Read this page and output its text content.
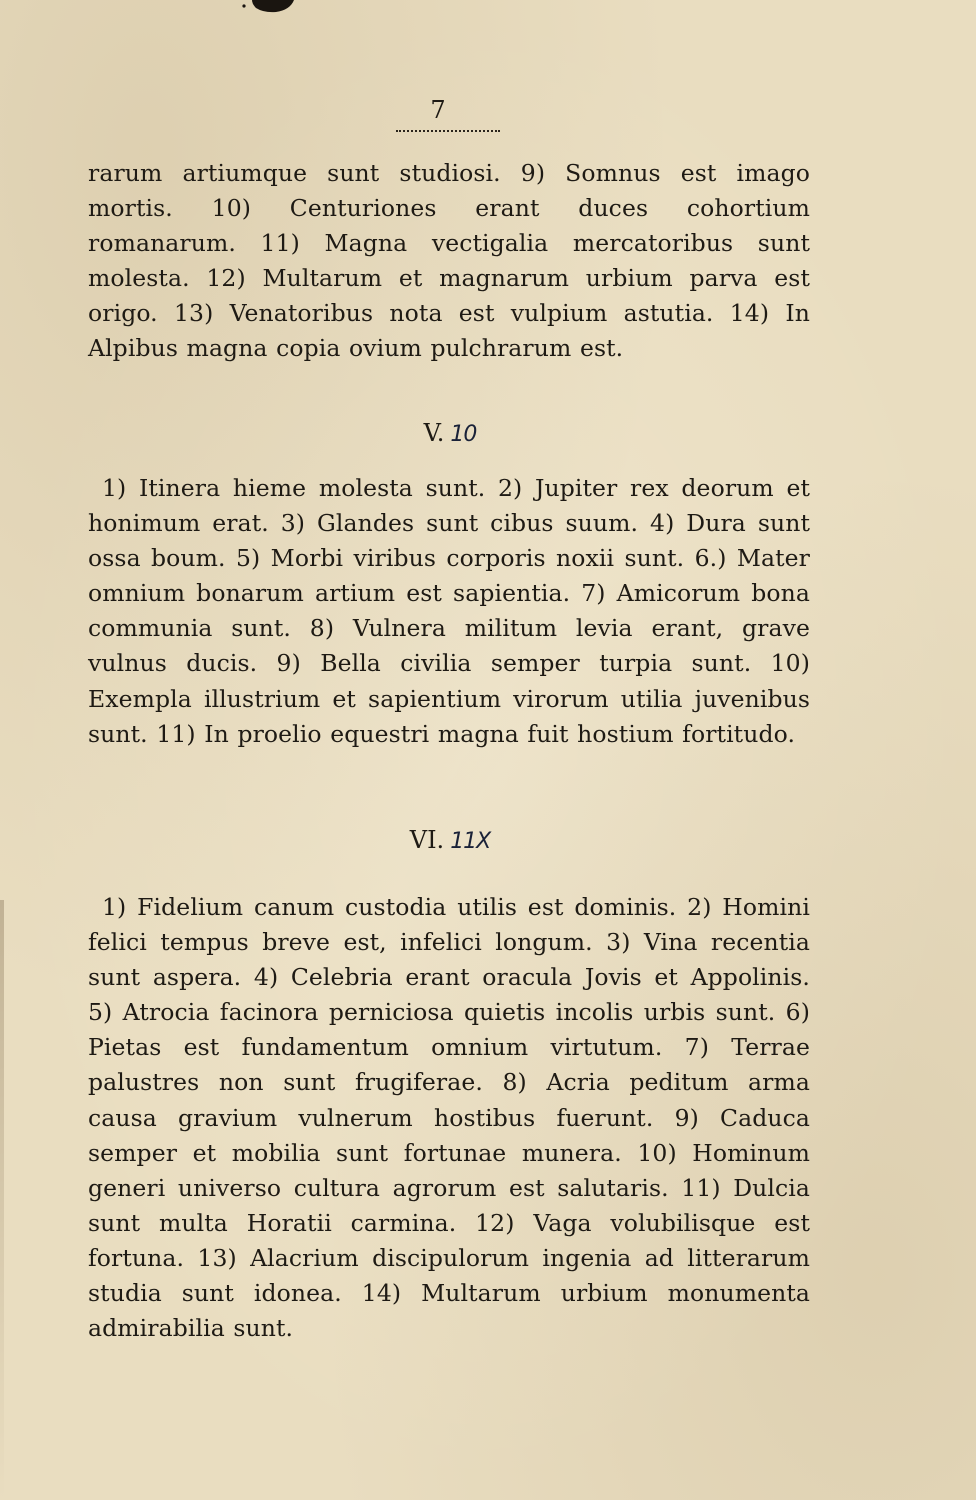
7

rarum artiumque sunt studiosi. 9) Somnus est imago mortis. 10) Centuriones erant duces cohortium romanarum. 11) Magna vectigalia mercatoribus sunt molesta. 12) Multarum et magnarum urbium parva est origo. 13) Venatoribus nota est vulpium astutia. 14) In Alpibus magna copia ovium pulchrarum est.

V. 10

1) Itinera hieme molesta sunt. 2) Jupiter rex deorum et honimum erat. 3) Glandes sunt cibus suum. 4) Dura sunt ossa boum. 5) Morbi viribus corporis noxii sunt. 6.) Mater omnium bonarum artium est sapientia. 7) Amicorum bona communia sunt. 8) Vulnera militum levia erant, grave vulnus ducis. 9) Bella civilia semper turpia sunt. 10) Exempla illustrium et sapientium virorum utilia juvenibus sunt. 11) In proelio equestri magna fuit hostium fortitudo.

VI. 11X

1) Fidelium canum custodia utilis est dominis. 2) Homini felici tempus breve est, infelici longum. 3) Vina recentia sunt aspera. 4) Celebria erant oracula Jovis et Appolinis. 5) Atrocia facinora perniciosa quietis incolis urbis sunt. 6) Pietas est fundamentum omnium virtutum. 7) Terrae palustres non sunt frugiferae. 8) Acria peditum arma causa gravium vulnerum hostibus fuerunt. 9) Caduca semper et mobilia sunt fortunae munera. 10) Hominum generi universo cultura agrorum est salutaris. 11) Dulcia sunt multa Horatii carmina. 12) Vaga volubilisque est fortuna. 13) Alacrium discipulorum ingenia ad litterarum studia sunt idonea. 14) Multarum urbium monumenta admirabilia sunt.
